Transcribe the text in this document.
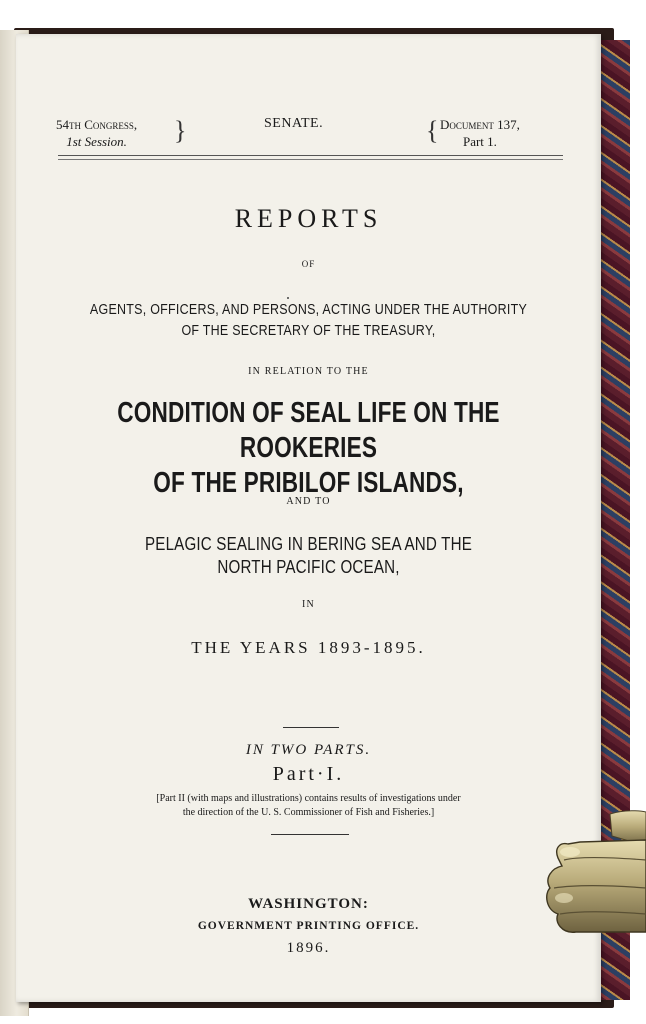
54th Congress,
1st Session.	}	SENATE.	{ Document 137,
Part 1.
REPORTS
OF
AGENTS, OFFICERS, AND PERSONS, ACTING UNDER THE AUTHORITY
OF THE SECRETARY OF THE TREASURY,
IN RELATION TO THE
CONDITION OF SEAL LIFE ON THE ROOKERIES
OF THE PRIBILOF ISLANDS,
AND TO
PELAGIC SEALING IN BERING SEA AND THE
NORTH PACIFIC OCEAN,
IN
THE YEARS 1893-1895.
IN TWO PARTS.
Part·I.
[Part II (with maps and illustrations) contains results of investigations under
the direction of the U. S. Commissioner of Fish and Fisheries.]
WASHINGTON:
GOVERNMENT PRINTING OFFICE.
1896.
